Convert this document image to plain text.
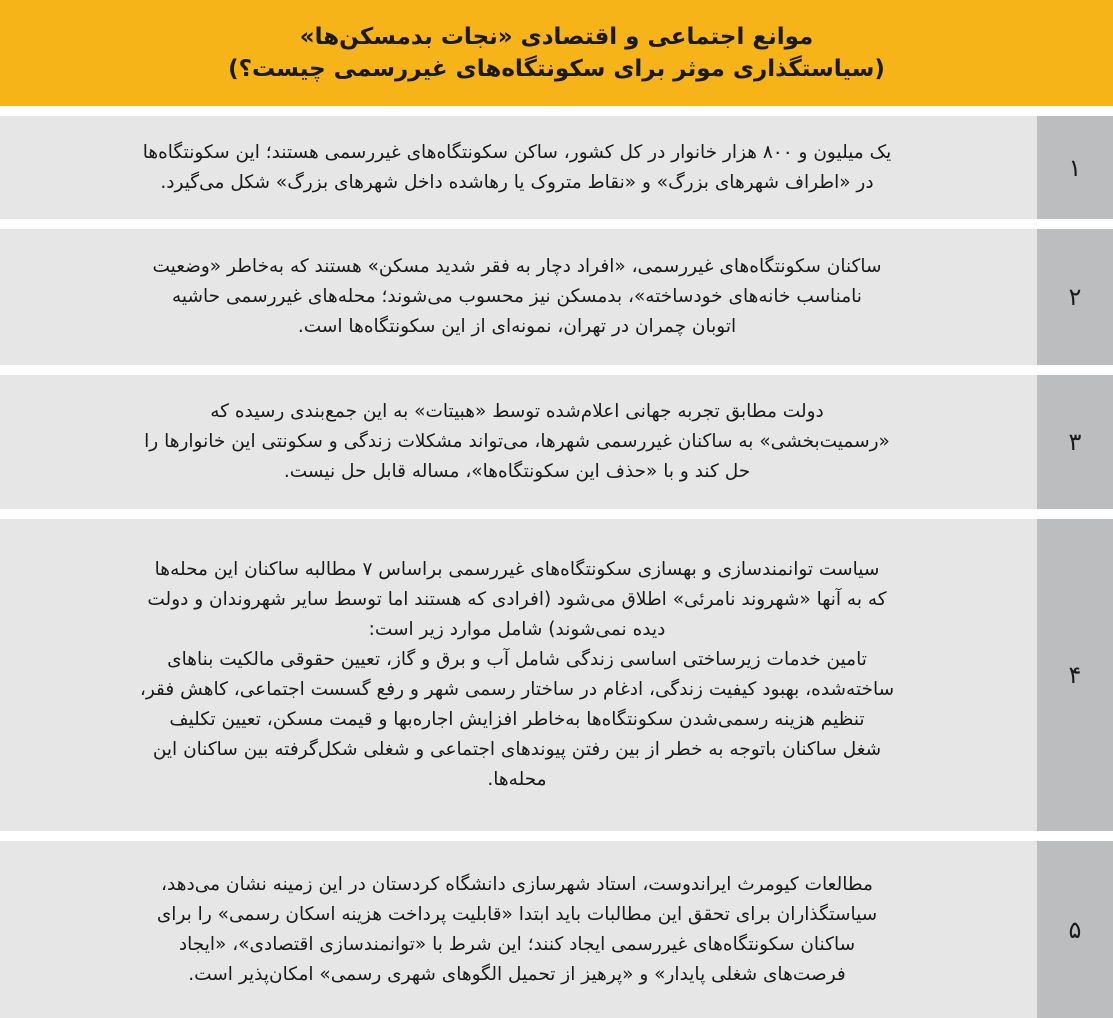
موانع اجتماعی و اقتصادی «نجات بدمسکن‌ها»
(سیاستگذاری موثر برای سکونتگاه‌های غیررسمی چیست؟)
یک میلیون و ۸۰۰ هزار خانوار در کل کشور، ساکن سکونتگاه‌های غیررسمی هستند؛ این سکونتگاه‌ها
در «اطراف شهرهای بزرگ» و «نقاط متروک یا رهاشده داخل شهرهای بزرگ» شکل می‌گیرد.
۱
ساکنان سکونتگاه‌های غیررسمی، «افراد دچار به فقر شدید مسکن» هستند که به‌خاطر «وضعیت
نامناسب خانه‌های خودساخته»، بدمسکن نیز محسوب می‌شوند؛ محله‌های غیررسمی حاشیه
اتوبان چمران در تهران، نمونه‌ای از این سکونتگاه‌ها است.
۲
دولت مطابق تجربه جهانی اعلام‌شده توسط «هبیتات» به این جمع‌بندی رسیده که
«رسمیت‌بخشی» به ساکنان غیررسمی شهرها، می‌تواند مشکلات زندگی و سکونتی این خانوارها را
حل کند و با «حذف این سکونتگاه‌ها»، مساله قابل حل نیست.
۳
سیاست توانمندسازی و بهسازی سکونتگاه‌های غیررسمی براساس ۷ مطالبه ساکنان این محله‌ها
که به آنها «شهروند نامرئی» اطلاق می‌شود (افرادی که هستند اما توسط سایر شهروندان و دولت
دیده نمی‌شوند) شامل موارد زیر است:
تامین خدمات زیرساختی اساسی زندگی شامل آب و برق و گاز، تعیین حقوقی مالکیت بناهای
ساخته‌شده، بهبود کیفیت زندگی، ادغام در ساختار رسمی شهر و رفع گسست اجتماعی، کاهش فقر،
تنظیم هزینه رسمی‌شدن سکونتگاه‌ها به‌خاطر افزایش اجاره‌بها و قیمت مسکن، تعیین تکلیف
شغل ساکنان با‌توجه به خطر از بین رفتن پیوندهای اجتماعی و شغلی شکل‌گرفته بین ساکنان این
محله‌ها.
۴
مطالعات کیومرث ایراندوست، استاد شهرسازی دانشگاه کردستان در این زمینه نشان می‌دهد،
سیاستگذاران برای تحقق این مطالبات باید ابتدا «قابلیت پرداخت هزینه اسکان رسمی» را برای
ساکنان سکونتگاه‌های غیررسمی ایجاد کنند؛ این شرط با «توانمندسازی اقتصادی»، «ایجاد
فرصت‌های شغلی پایدار» و «پرهیز از تحمیل الگوهای شهری رسمی» امکان‌پذیر است.
۵
